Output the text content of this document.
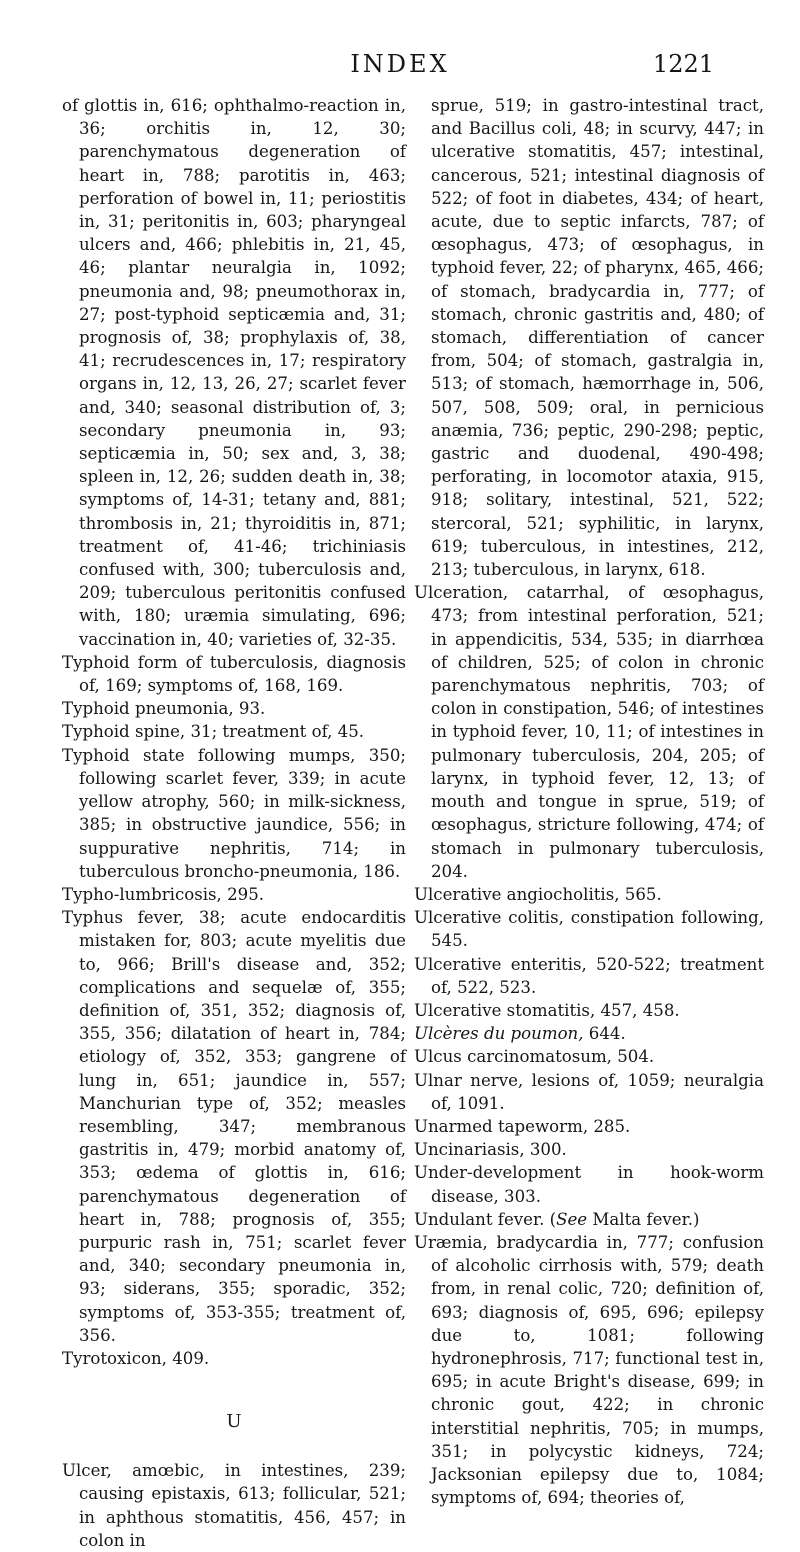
INDEX	1221

of glottis in, 616; ophthalmo-reaction in, 36; orchitis in, 12, 30; parenchymatous degeneration of heart in, 788; parotitis in, 463; perforation of bowel in, 11; periostitis in, 31; peritonitis in, 603; pharyngeal ulcers and, 466; phlebitis in, 21, 45, 46; plantar neuralgia in, 1092; pneumonia and, 98; pneumothorax in, 27; post-typhoid septicæmia and, 31; prognosis of, 38; prophylaxis of, 38, 41; recrudescences in, 17; respiratory organs in, 12, 13, 26, 27; scarlet fever and, 340; seasonal distribution of, 3; secondary pneumonia in, 93; septicæmia in, 50; sex and, 3, 38; spleen in, 12, 26; sudden death in, 38; symptoms of, 14-31; tetany and, 881; thrombosis in, 21; thyroiditis in, 871; treatment of, 41-46; trichiniasis confused with, 300; tuberculosis and, 209; tuberculous peritonitis confused with, 180; uræmia simulating, 696; vaccination in, 40; varieties of, 32-35.

Typhoid form of tuberculosis, diagnosis of, 169; symptoms of, 168, 169.

Typhoid pneumonia, 93.

Typhoid spine, 31; treatment of, 45.

Typhoid state following mumps, 350; following scarlet fever, 339; in acute yellow atrophy, 560; in milk-sickness, 385; in obstructive jaundice, 556; in suppurative nephritis, 714; in tuberculous broncho-pneumonia, 186.

Typho-lumbricosis, 295.

Typhus fever, 38; acute endocarditis mistaken for, 803; acute myelitis due to, 966; Brill's disease and, 352; complications and sequelæ of, 355; definition of, 351, 352; diagnosis of, 355, 356; dilatation of heart in, 784; etiology of, 352, 353; gangrene of lung in, 651; jaundice in, 557; Manchurian type of, 352; measles resembling, 347; membranous gastritis in, 479; morbid anatomy of, 353; œdema of glottis in, 616; parenchymatous degeneration of heart in, 788; prognosis of, 355; purpuric rash in, 751; scarlet fever and, 340; secondary pneumonia in, 93; siderans, 355; sporadic, 352; symptoms of, 353-355; treatment of, 356.

Tyrotoxicon, 409.

U

Ulcer, amœbic, in intestines, 239; causing epistaxis, 613; follicular, 521; in aphthous stomatitis, 456, 457; in colon in

sprue, 519; in gastro-intestinal tract, and Bacillus coli, 48; in scurvy, 447; in ulcerative stomatitis, 457; intestinal, cancerous, 521; intestinal diagnosis of 522; of foot in diabetes, 434; of heart, acute, due to septic infarcts, 787; of œsophagus, 473; of œsophagus, in typhoid fever, 22; of pharynx, 465, 466; of stomach, bradycardia in, 777; of stomach, chronic gastritis and, 480; of stomach, differentiation of cancer from, 504; of stomach, gastralgia in, 513; of stomach, hæmorrhage in, 506, 507, 508, 509; oral, in pernicious anæmia, 736; peptic, 290-298; peptic, gastric and duodenal, 490-498; perforating, in locomotor ataxia, 915, 918; solitary, intestinal, 521, 522; stercoral, 521; syphilitic, in larynx, 619; tuberculous, in intestines, 212, 213; tuberculous, in larynx, 618.

Ulceration, catarrhal, of œsophagus, 473; from intestinal perforation, 521; in appendicitis, 534, 535; in diarrhœa of children, 525; of colon in chronic parenchymatous nephritis, 703; of colon in constipation, 546; of intestines in typhoid fever, 10, 11; of intestines in pulmonary tuberculosis, 204, 205; of larynx, in typhoid fever, 12, 13; of mouth and tongue in sprue, 519; of œsophagus, stricture following, 474; of stomach in pulmonary tuberculosis, 204.

Ulcerative angiocholitis, 565.

Ulcerative colitis, constipation following, 545.

Ulcerative enteritis, 520-522; treatment of, 522, 523.

Ulcerative stomatitis, 457, 458.

Ulcères du poumon, 644.

Ulcus carcinomatosum, 504.

Ulnar nerve, lesions of, 1059; neuralgia of, 1091.

Unarmed tapeworm, 285.

Uncinariasis, 300.

Under-development in hook-worm disease, 303.

Undulant fever. (See Malta fever.)

Uræmia, bradycardia in, 777; confusion of alcoholic cirrhosis with, 579; death from, in renal colic, 720; definition of, 693; diagnosis of, 695, 696; epilepsy due to, 1081; following hydronephrosis, 717; functional test in, 695; in acute Bright's disease, 699; in chronic gout, 422; in chronic interstitial nephritis, 705; in mumps, 351; in polycystic kidneys, 724; Jacksonian epilepsy due to, 1084; symptoms of, 694; theories of,
